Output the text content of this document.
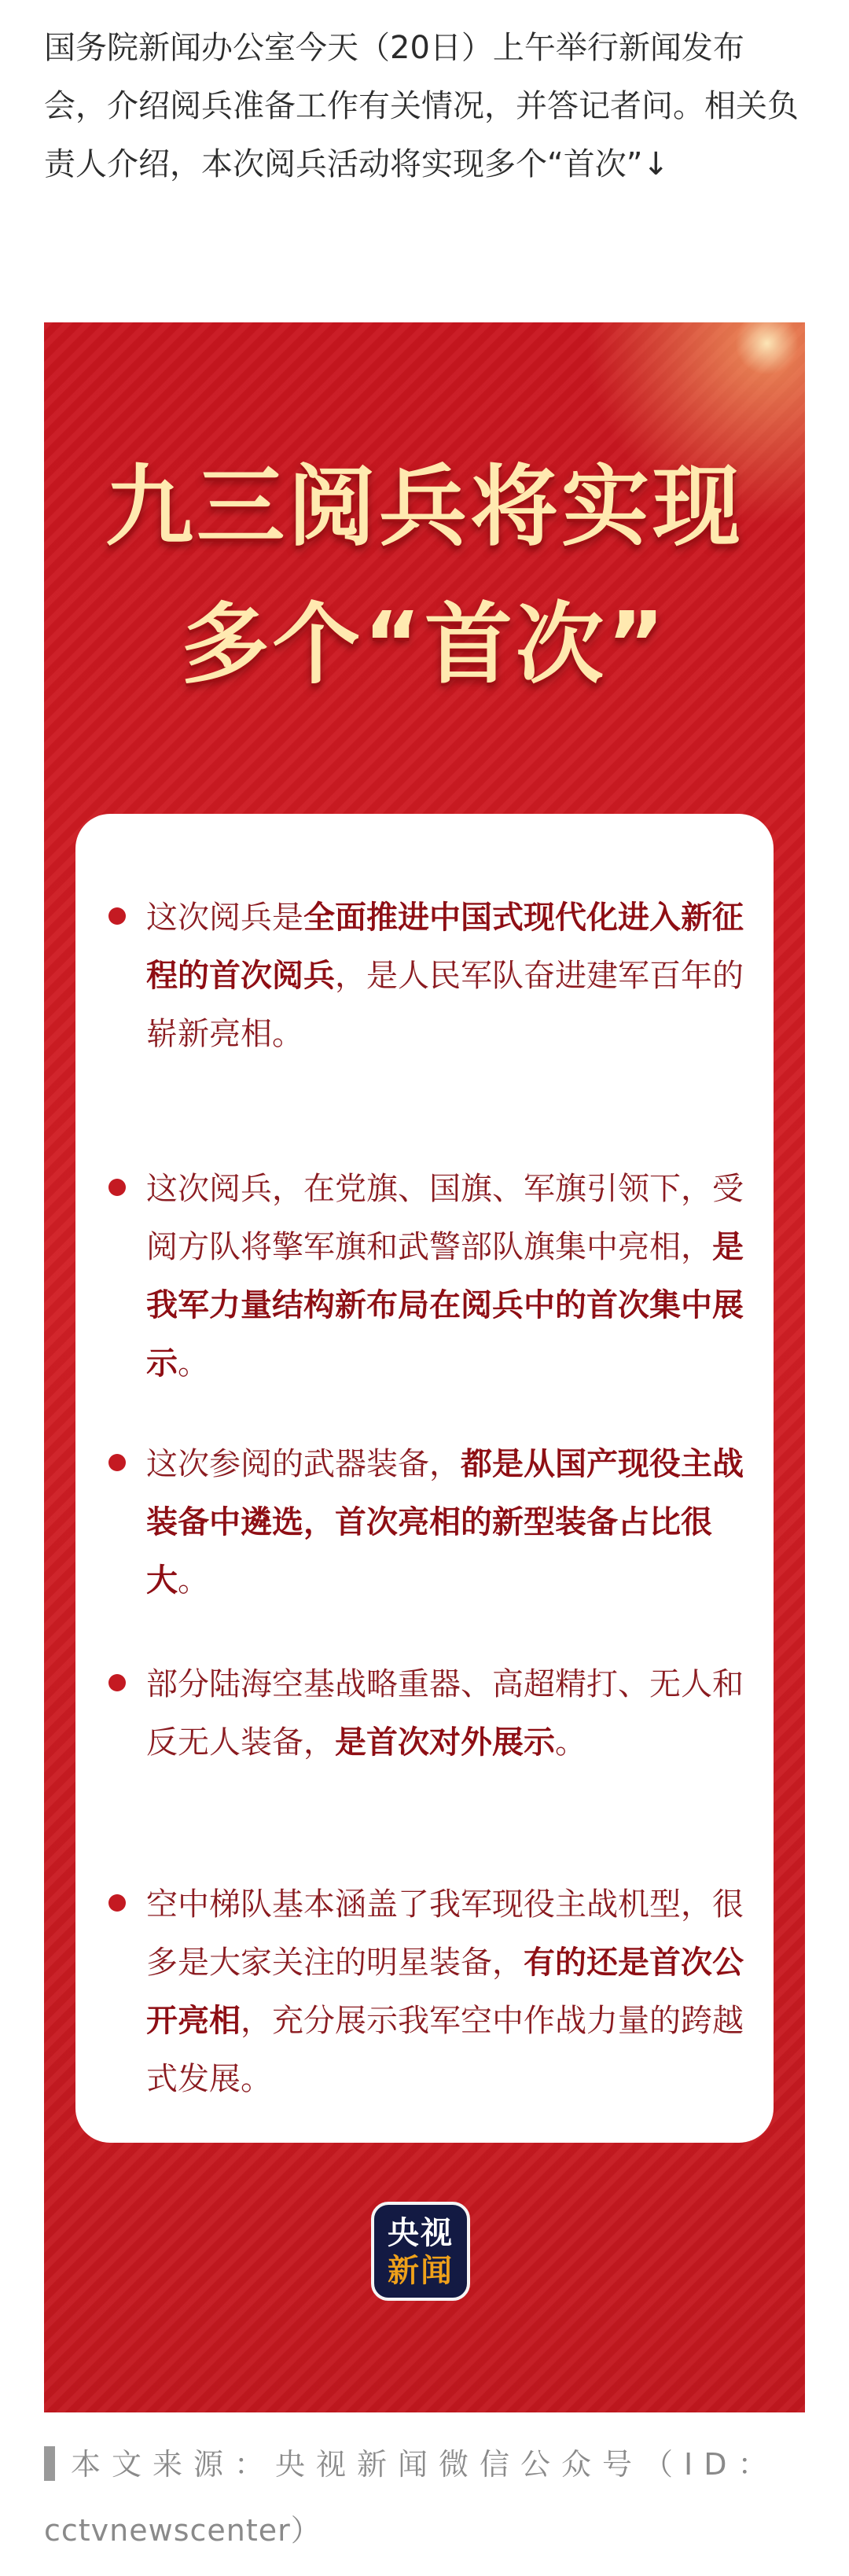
国务院新闻办公室今天（20日）上午举行新闻发布会，介绍阅兵准备工作有关情况，并答记者问。相关负责人介绍，本次阅兵活动将实现多个“首次”↓

九三阅兵将实现
多个“首次”
这次阅兵是全面推进中国式现代化进入新征程的首次阅兵，是人民军队奋进建军百年的崭新亮相。
这次阅兵，在党旗、国旗、军旗引领下，受阅方队将擎军旗和武警部队旗集中亮相，是我军力量结构新布局在阅兵中的首次集中展示。
这次参阅的武器装备，都是从国产现役主战装备中遴选，首次亮相的新型装备占比很大。
部分陆海空基战略重器、高超精打、无人和反无人装备，是首次对外展示。
空中梯队基本涵盖了我军现役主战机型，很多是大家关注的明星装备，有的还是首次公开亮相，充分展示我军空中作战力量的跨越式发展。
央视
新闻
本文来源：央视新闻微信公众号（ID：
cctvnewscenter）
